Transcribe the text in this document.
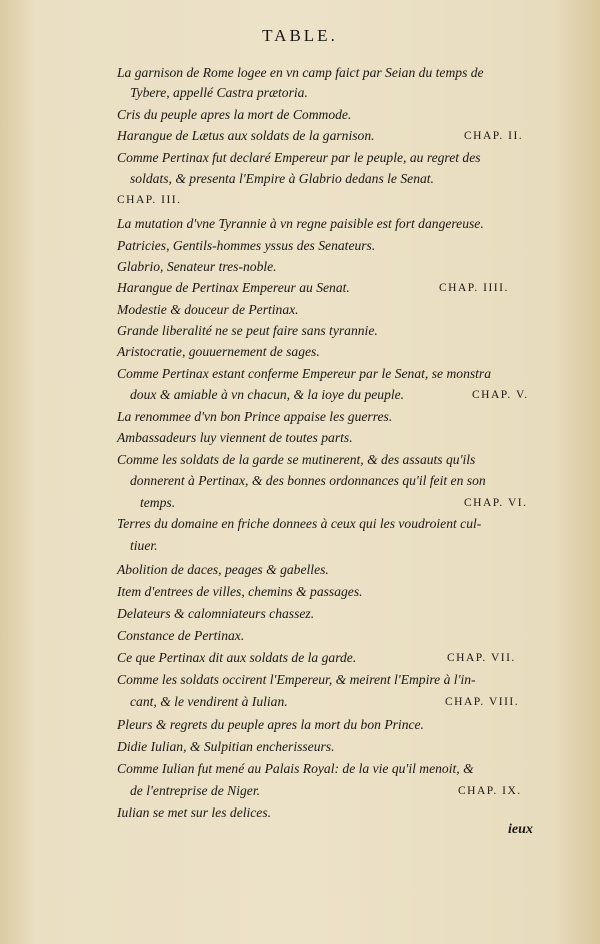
TABLE.
La garnison de Rome logee en vn camp faict par Seian du temps de
Tybere, appellé Castra prætoria.
Cris du peuple apres la mort de Commode.
Harangue de Lætus aux soldats de la garnison.	CHAP. II.
Comme Pertinax fut declaré Empereur par le peuple, au regret des
soldats, & presenta l'Empire à Glabrio dedans le Senat.
CHAP. III.
La mutation d'vne Tyrannie à vn regne paisible est fort dangereuse.
Patricies, Gentils-hommes yssus des Senateurs.
Glabrio, Senateur tres-noble.
Harangue de Pertinax Empereur au Senat.	CHAP. IIII.
Modestie & douceur de Pertinax.
Grande liberalité ne se peut faire sans tyrannie.
Aristocratie, gouuernement de sages.
Comme Pertinax estant conferme Empereur par le Senat, se monstra
doux & amiable à vn chacun, & la ioye du peuple.	CHAP. V.
La renommee d'vn bon Prince appaise les guerres.
Ambassadeurs luy viennent de toutes parts.
Comme les soldats de la garde se mutinerent, & des assauts qu'ils
donnerent à Pertinax, & des bonnes ordonnances qu'il feit en son
temps.	CHAP. VI.
Terres du domaine en friche donnees à ceux qui les voudroient cul-
tiuer.
Abolition de daces, peages & gabelles.
Item d'entrees de villes, chemins & passages.
Delateurs & calomniateurs chassez.
Constance de Pertinax.
Ce que Pertinax dit aux soldats de la garde.	CHAP. VII.
Comme les soldats occirent l'Empereur, & meirent l'Empire à l'in-
cant, & le vendirent à Iulian.	CHAP. VIII.
Pleurs & regrets du peuple apres la mort du bon Prince.
Didie Iulian, & Sulpitian encherisseurs.
Comme Iulian fut mené au Palais Royal: de la vie qu'il menoit, &
de l'entreprise de Niger.	CHAP. IX.
Iulian se met sur les delices.
ieux
